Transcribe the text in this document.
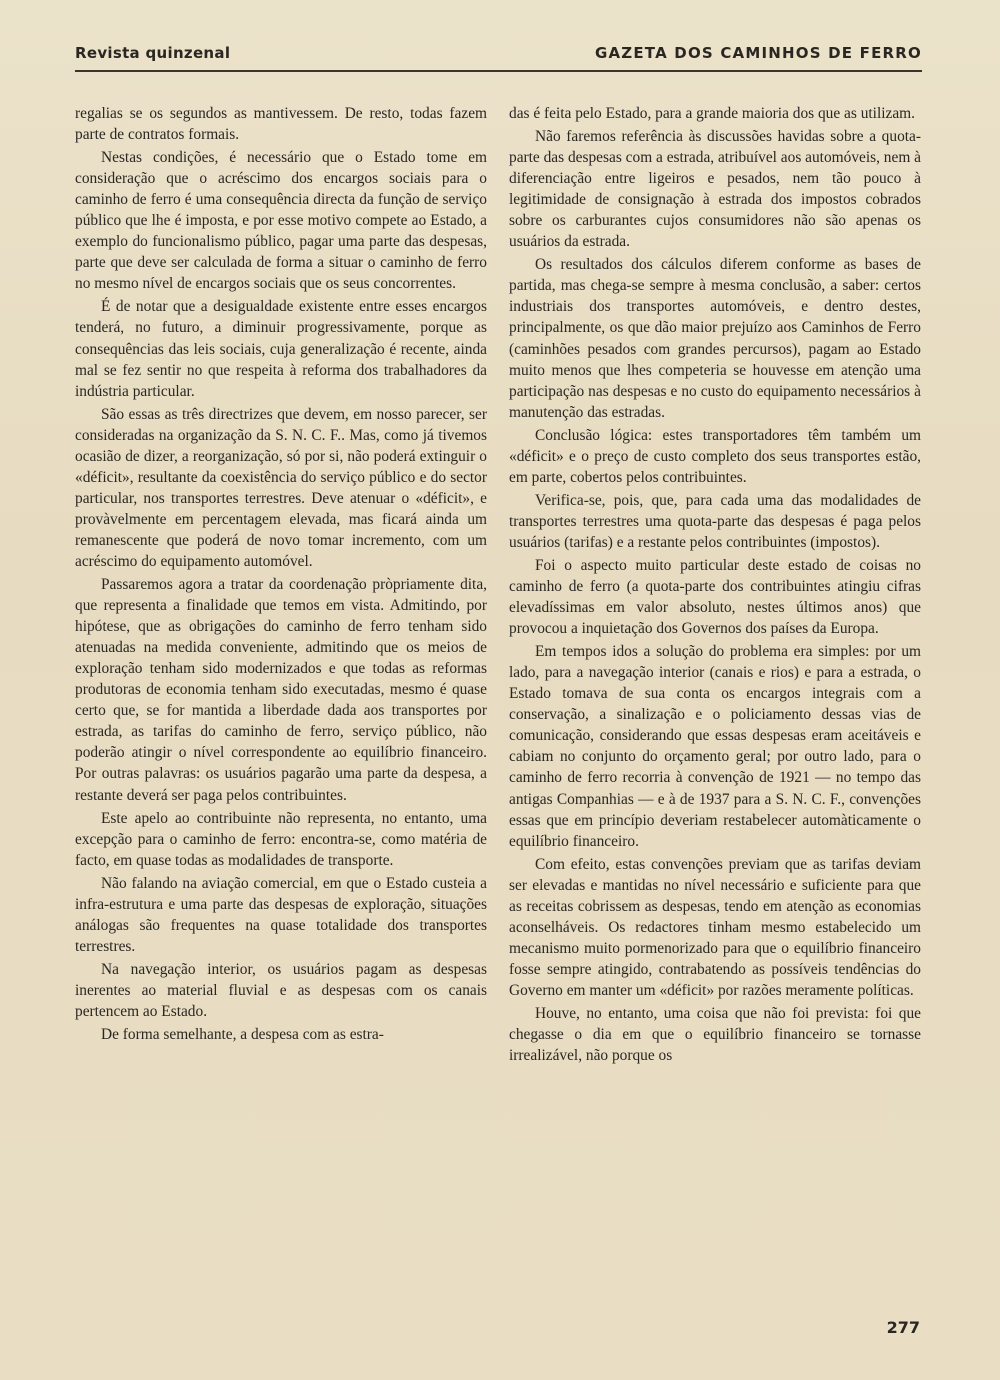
Revista quinzenal	GAZETA DOS CAMINHOS DE FERRO

regalias se os segundos as mantivessem. De resto, todas fazem parte de contratos formais.

Nestas condições, é necessário que o Estado tome em consideração que o acréscimo dos encargos sociais para o caminho de ferro é uma consequência directa da função de serviço público que lhe é imposta, e por esse motivo compete ao Estado, a exemplo do funcionalismo público, pagar uma parte das despesas, parte que deve ser calculada de forma a situar o caminho de ferro no mesmo nível de encargos sociais que os seus concorrentes.

É de notar que a desigualdade existente entre esses encargos tenderá, no futuro, a diminuir progressivamente, porque as consequências das leis sociais, cuja generalização é recente, ainda mal se fez sentir no que respeita à reforma dos trabalhadores da indústria particular.

São essas as três directrizes que devem, em nosso parecer, ser consideradas na organização da S. N. C. F.. Mas, como já tivemos ocasião de dizer, a reorganização, só por si, não poderá extinguir o «déficit», resultante da coexistência do serviço público e do sector particular, nos transportes terrestres. Deve atenuar o «déficit», e provàvelmente em percentagem elevada, mas ficará ainda um remanescente que poderá de novo tomar incremento, com um acréscimo do equipamento automóvel.

Passaremos agora a tratar da coordenação pròpriamente dita, que representa a finalidade que temos em vista. Admitindo, por hipótese, que as obrigações do caminho de ferro tenham sido atenuadas na medida conveniente, admitindo que os meios de exploração tenham sido modernizados e que todas as reformas produtoras de economia tenham sido executadas, mesmo é quase certo que, se for mantida a liberdade dada aos transportes por estrada, as tarifas do caminho de ferro, serviço público, não poderão atingir o nível correspondente ao equilíbrio financeiro. Por outras palavras: os usuários pagarão uma parte da despesa, a restante deverá ser paga pelos contribuintes.

Este apelo ao contribuinte não representa, no entanto, uma excepção para o caminho de ferro: encontra-se, como matéria de facto, em quase todas as modalidades de transporte.

Não falando na aviação comercial, em que o Estado custeia a infra-estrutura e uma parte das despesas de exploração, situações análogas são frequentes na quase totalidade dos transportes terrestres.

Na navegação interior, os usuários pagam as despesas inerentes ao material fluvial e as despesas com os canais pertencem ao Estado.

De forma semelhante, a despesa com as estra-

das é feita pelo Estado, para a grande maioria dos que as utilizam.

Não faremos referência às discussões havidas sobre a quota-parte das despesas com a estrada, atribuível aos automóveis, nem à diferenciação entre ligeiros e pesados, nem tão pouco à legitimidade de consignação à estrada dos impostos cobrados sobre os carburantes cujos consumidores não são apenas os usuários da estrada.

Os resultados dos cálculos diferem conforme as bases de partida, mas chega-se sempre à mesma conclusão, a saber: certos industriais dos transportes automóveis, e dentro destes, principalmente, os que dão maior prejuízo aos Caminhos de Ferro (caminhões pesados com grandes percursos), pagam ao Estado muito menos que lhes competeria se houvesse em atenção uma participação nas despesas e no custo do equipamento necessários à manutenção das estradas.

Conclusão lógica: estes transportadores têm também um «déficit» e o preço de custo completo dos seus transportes estão, em parte, cobertos pelos contribuintes.

Verifica-se, pois, que, para cada uma das modalidades de transportes terrestres uma quota-parte das despesas é paga pelos usuários (tarifas) e a restante pelos contribuintes (impostos).

Foi o aspecto muito particular deste estado de coisas no caminho de ferro (a quota-parte dos contribuintes atingiu cifras elevadíssimas em valor absoluto, nestes últimos anos) que provocou a inquietação dos Governos dos países da Europa.

Em tempos idos a solução do problema era simples: por um lado, para a navegação interior (canais e rios) e para a estrada, o Estado tomava de sua conta os encargos integrais com a conservação, a sinalização e o policiamento dessas vias de comunicação, considerando que essas despesas eram aceitáveis e cabiam no conjunto do orçamento geral; por outro lado, para o caminho de ferro recorria à convenção de 1921 — no tempo das antigas Companhias — e à de 1937 para a S. N. C. F., convenções essas que em princípio deveriam restabelecer automàticamente o equilíbrio financeiro.

Com efeito, estas convenções previam que as tarifas deviam ser elevadas e mantidas no nível necessário e suficiente para que as receitas cobrissem as despesas, tendo em atenção as economias aconselháveis. Os redactores tinham mesmo estabelecido um mecanismo muito pormenorizado para que o equilíbrio financeiro fosse sempre atingido, contrabatendo as possíveis tendências do Governo em manter um «déficit» por razões meramente políticas.

Houve, no entanto, uma coisa que não foi prevista: foi que chegasse o dia em que o equilíbrio financeiro se tornasse irrealizável, não porque os

277
